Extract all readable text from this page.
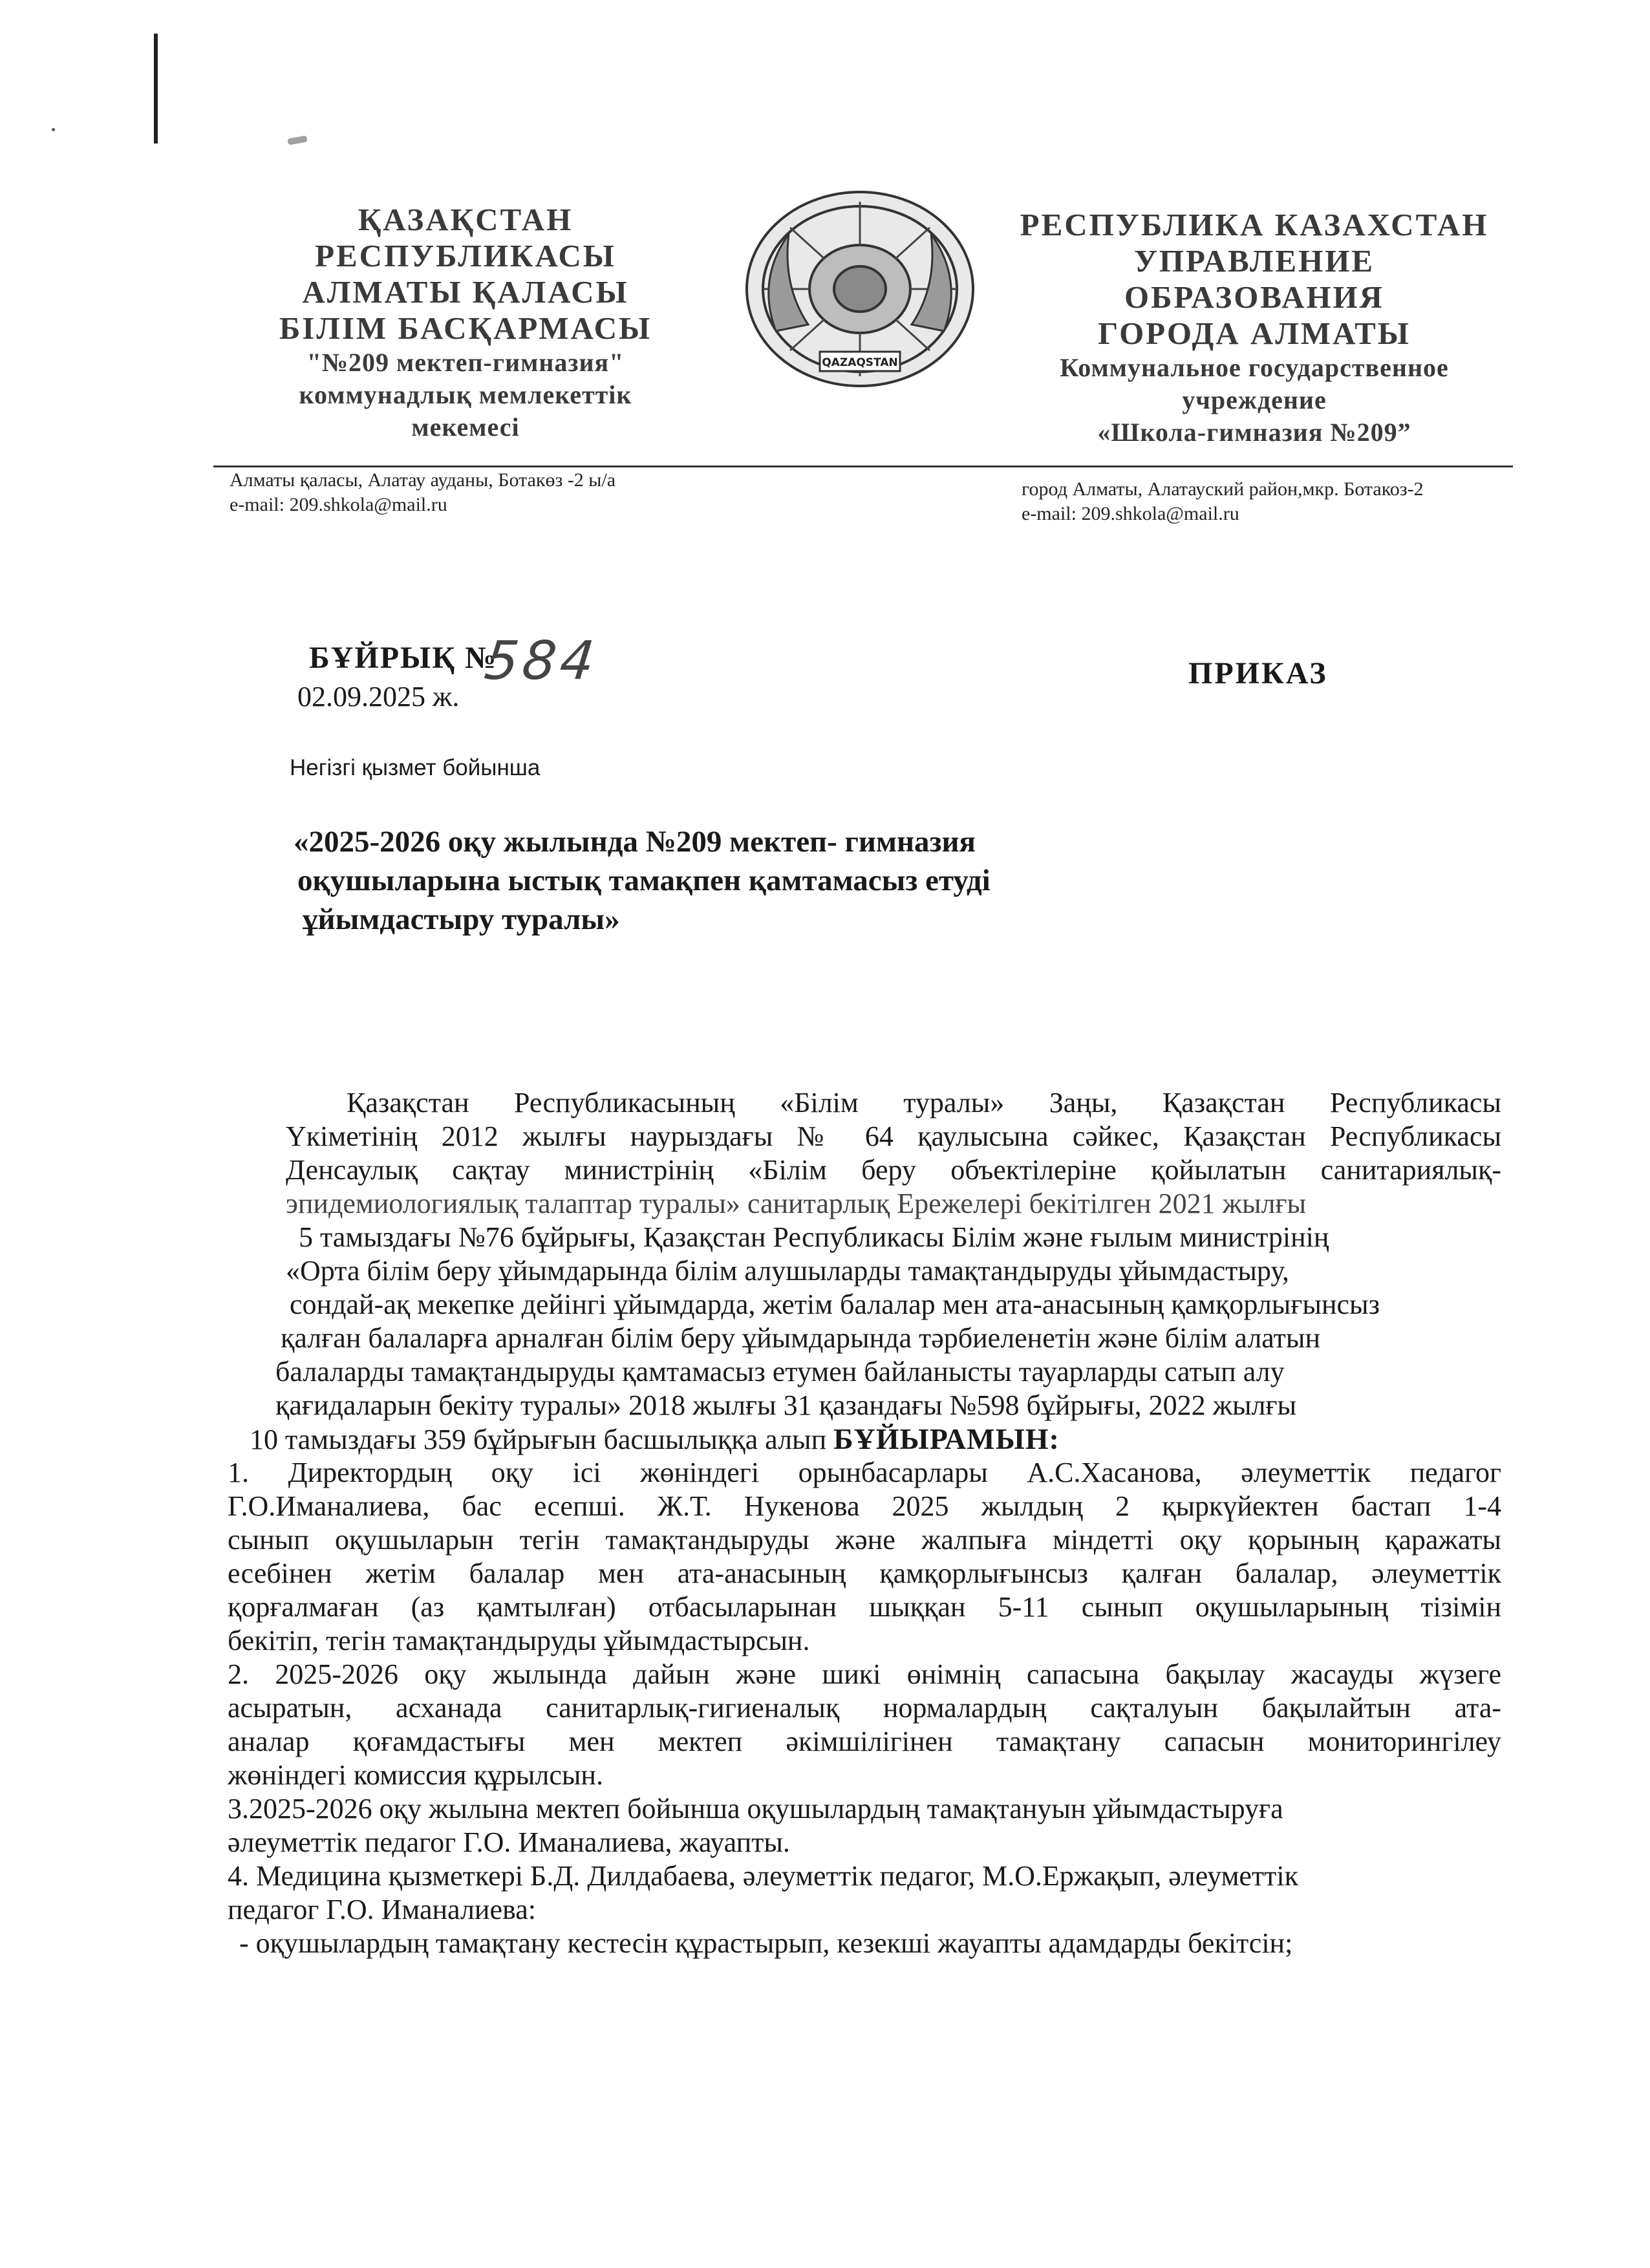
ҚАЗАҚСТАН
РЕСПУБЛИКАСЫ
АЛМАТЫ ҚАЛАСЫ
БІЛІМ БАСҚАРМАСЫ
"№209 мектеп-гимназия"
коммунадлық мемлекеттік
мекемесі
QAZAQSTAN
РЕСПУБЛИКА КАЗАХСТАН
УПРАВЛЕНИЕ
ОБРАЗОВАНИЯ
ГОРОДА АЛМАТЫ
Коммунальное государственное
учреждение
«Школа-гимназия №209”
Алматы қаласы, Алатау ауданы, Ботакөз -2 ы/а
e-mail: 209.shkola@mail.ru
город Алматы, Алатауский район,мкр. Ботакоз-2
e-mail: 209.shkola@mail.ru
БҰЙРЫҚ №
584
02.09.2025 ж.
ПРИКАЗ
Негізгі қызмет бойынша
«2025-2026 оқу жылында №209 мектеп- гимназия
оқушыларына ыстық тамақпен қамтамасыз етуді
ұйымдастыру туралы»
Қазақстан Республикасының «Білім туралы» Заңы, Қазақстан Республикасы
Үкіметінің 2012 жылғы наурыздағы № 64 қаулысына сәйкес, Қазақстан Республикасы
Денсаулық сақтау министрінің «Білім беру объектілеріне қойылатын санитариялық-
эпидемиологиялық талаптар туралы» санитарлық Ережелері бекітілген 2021 жылғы
5 тамыздағы №76 бұйрығы, Қазақстан Республикасы Білім және ғылым министрінің
«Орта білім беру ұйымдарында білім алушыларды тамақтандыруды ұйымдастыру,
сондай-ақ мекепке дейінгі ұйымдарда, жетім балалар мен ата-анасының қамқорлығынсыз
қалған балаларға арналған білім беру ұйымдарында тәрбиеленетін және білім алатын
балаларды тамақтандыруды қамтамасыз етумен байланысты тауарларды сатып алу
қағидаларын бекіту туралы» 2018 жылғы 31 қазандағы №598 бұйрығы, 2022 жылғы
10 тамыздағы 359 бұйрығын басшылыққа алып БҰЙЫРАМЫН:
1. Директордың оқу ісі жөніндегі орынбасарлары А.С.Хасанова, әлеуметтік педагог
Г.О.Иманалиева, бас есепші. Ж.Т. Нукенова 2025 жылдың 2 қыркүйектен бастап 1-4
сынып оқушыларын тегін тамақтандыруды және жалпыға міндетті оқу қорының қаражаты
есебінен жетім балалар мен ата-анасының қамқорлығынсыз қалған балалар, әлеуметтік
қорғалмаған (аз қамтылған) отбасыларынан шыққан 5-11 сынып оқушыларының тізімін
бекітіп, тегін тамақтандыруды ұйымдастырсын.
2. 2025-2026 оқу жылында дайын және шикі өнімнің сапасына бақылау жасауды жүзеге
асыратын, асханада санитарлық-гигиеналық нормалардың сақталуын бақылайтын ата-
аналар қоғамдастығы мен мектеп әкімшілігінен тамақтану сапасын мониторингілеу
жөніндегі комиссия құрылсын.
3.2025-2026 оқу жылына мектеп бойынша оқушылардың тамақтануын ұйымдастыруға
әлеуметтік педагог Г.О. Иманалиева, жауапты.
4. Медицина қызметкері Б.Д. Дилдабаева, әлеуметтік педагог, М.О.Ержақып, әлеуметтік
педагог Г.О. Иманалиева:
- оқушылардың тамақтану кестесін құрастырып, кезекші жауапты адамдарды бекітсін;
